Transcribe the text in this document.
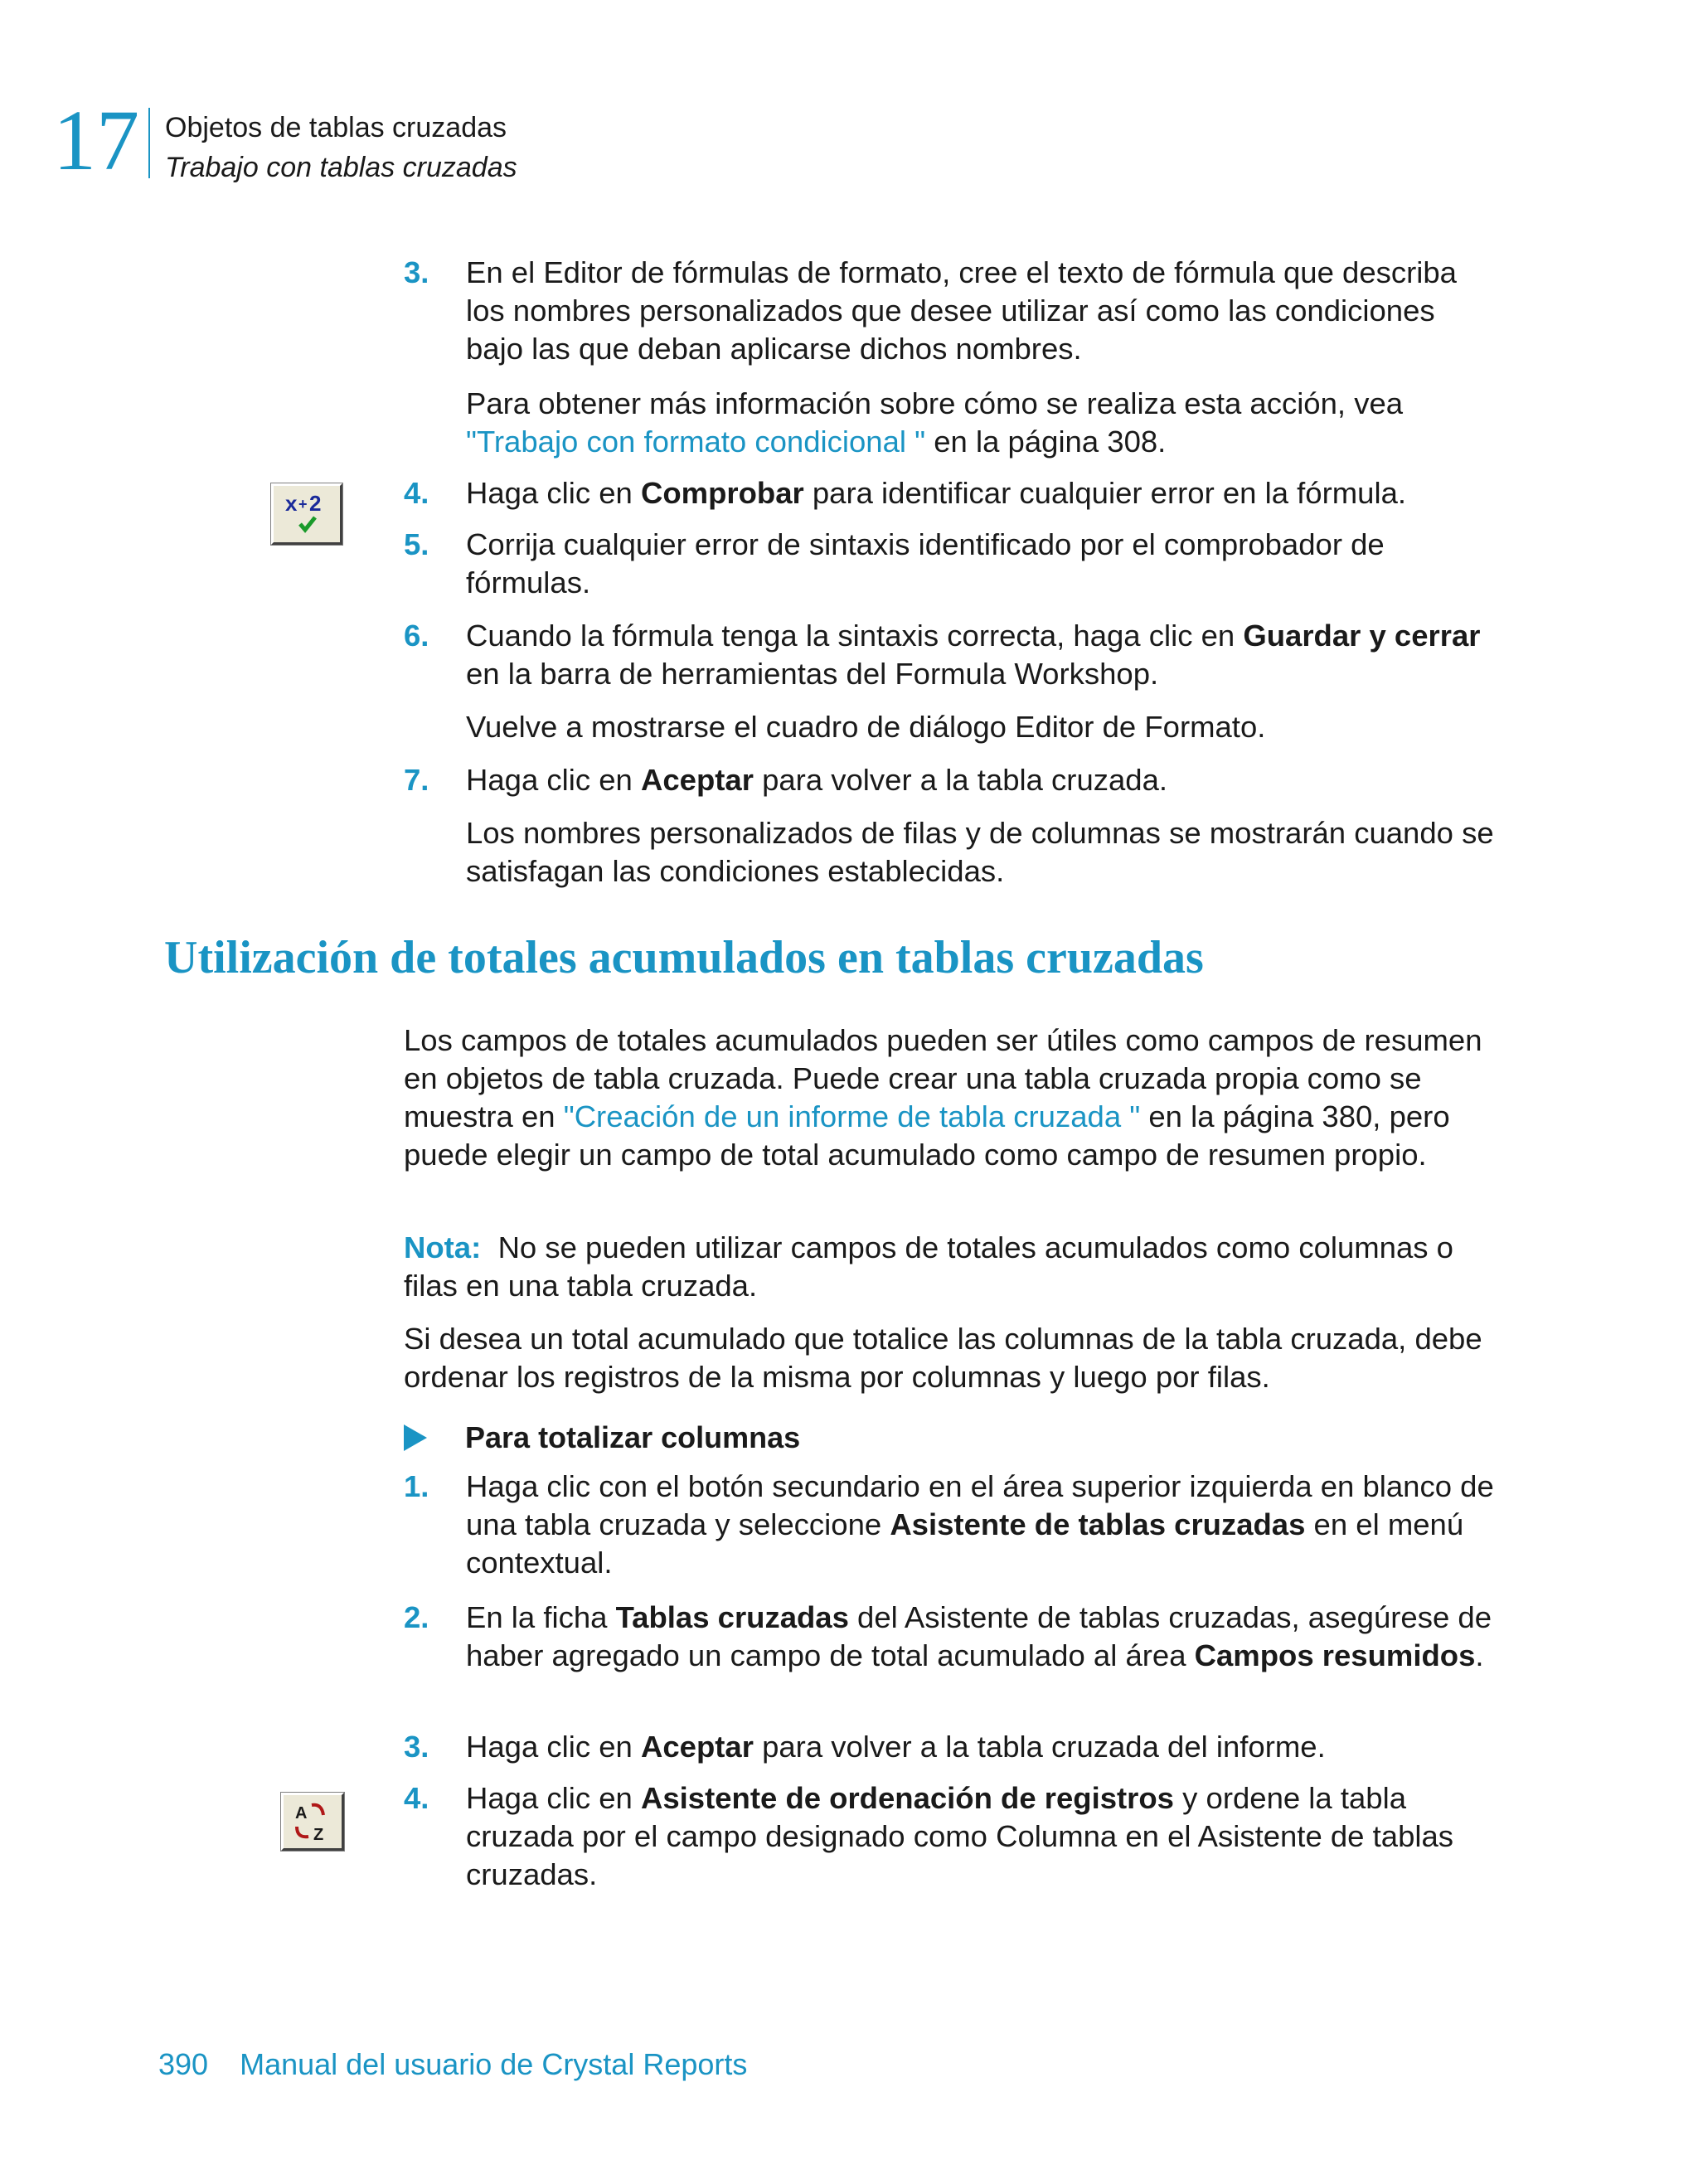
17 Objetos de tablas cruzadas
Trabajo con tablas cruzadas
3. En el Editor de fórmulas de formato, cree el texto de fórmula que describa los nombres personalizados que desee utilizar así como las condiciones bajo las que deban aplicarse dichos nombres.
Para obtener más información sobre cómo se realiza esta acción, vea "Trabajo con formato condicional " en la página 308.
x + 2	4. Haga clic en Comprobar para identificar cualquier error en la fórmula.
5. Corrija cualquier error de sintaxis identificado por el comprobador de fórmulas.
6. Cuando la fórmula tenga la sintaxis correcta, haga clic en Guardar y cerrar en la barra de herramientas del Formula Workshop.
Vuelve a mostrarse el cuadro de diálogo Editor de Formato.
7. Haga clic en Aceptar para volver a la tabla cruzada.
Los nombres personalizados de filas y de columnas se mostrarán cuando se satisfagan las condiciones establecidas.
Utilización de totales acumulados en tablas cruzadas
Los campos de totales acumulados pueden ser útiles como campos de resumen en objetos de tabla cruzada. Puede crear una tabla cruzada propia como se muestra en "Creación de un informe de tabla cruzada " en la página 380, pero puede elegir un campo de total acumulado como campo de resumen propio.
Nota: No se pueden utilizar campos de totales acumulados como columnas o filas en una tabla cruzada.
Si desea un total acumulado que totalice las columnas de la tabla cruzada, debe ordenar los registros de la misma por columnas y luego por filas.
Para totalizar columnas
1. Haga clic con el botón secundario en el área superior izquierda en blanco de una tabla cruzada y seleccione Asistente de tablas cruzadas en el menú contextual.
2. En la ficha Tablas cruzadas del Asistente de tablas cruzadas, asegúrese de haber agregado un campo de total acumulado al área Campos resumidos.
3. Haga clic en Aceptar para volver a la tabla cruzada del informe.
A
Z
4. Haga clic en Asistente de ordenación de registros y ordene la tabla cruzada por el campo designado como Columna en el Asistente de tablas cruzadas.
390 Manual del usuario de Crystal Reports
